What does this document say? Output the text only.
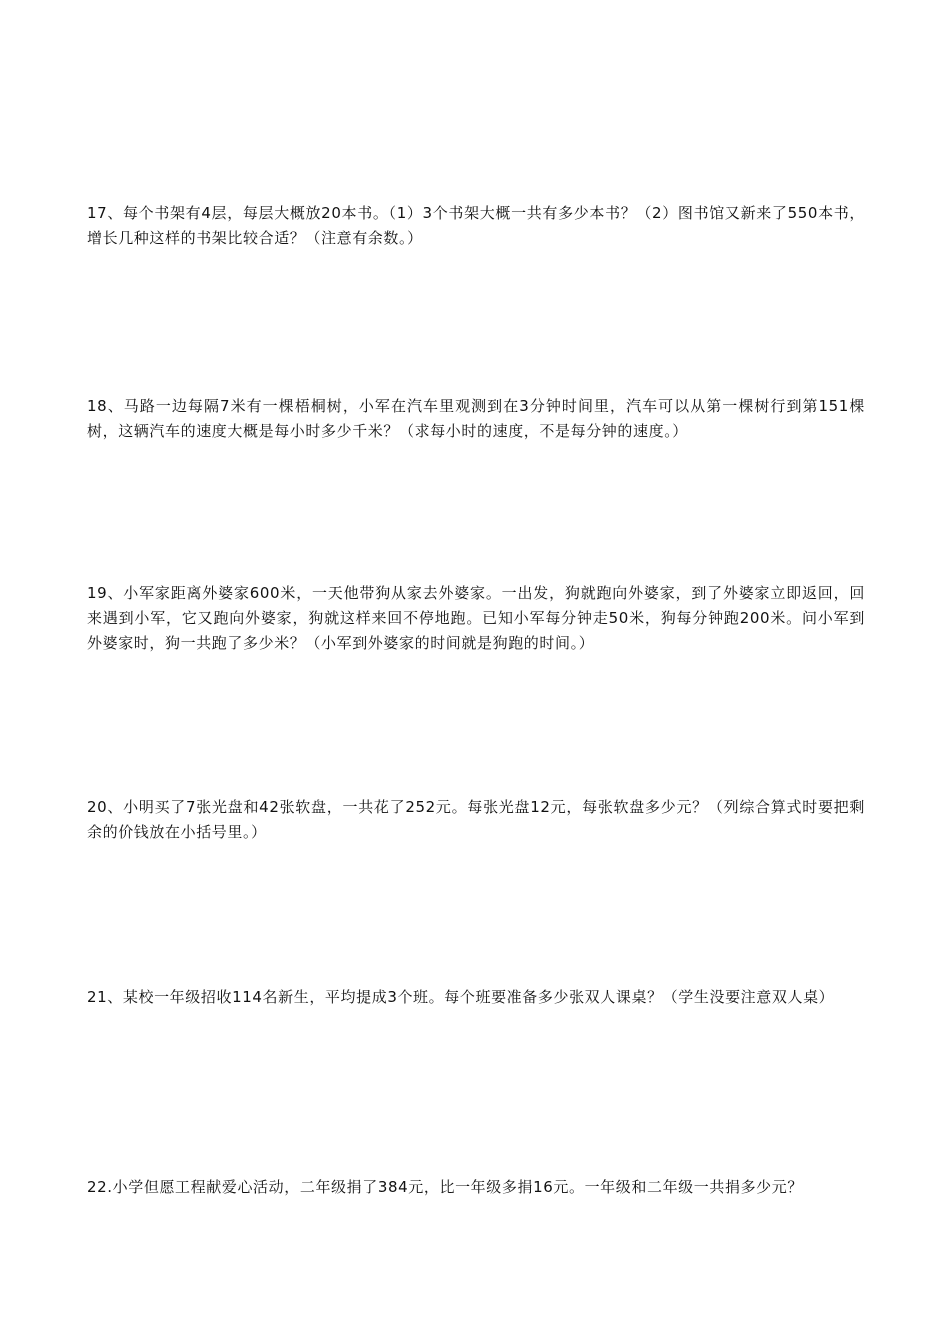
17、每个书架有4层，每层大概放20本书。（1）3个书架大概一共有多少本书？（2）图书馆又新来了550本书，增长几种这样的书架比较合适？（注意有余数。）
18、马路一边每隔7米有一棵梧桐树，小军在汽车里观测到在3分钟时间里，汽车可以从第一棵树行到第151棵树，这辆汽车的速度大概是每小时多少千米？（求每小时的速度，不是每分钟的速度。）
19、小军家距离外婆家600米，一天他带狗从家去外婆家。一出发，狗就跑向外婆家，到了外婆家立即返回，回来遇到小军，它又跑向外婆家，狗就这样来回不停地跑。已知小军每分钟走50米，狗每分钟跑200米。问小军到外婆家时，狗一共跑了多少米？（小军到外婆家的时间就是狗跑的时间。）
20、小明买了7张光盘和42张软盘，一共花了252元。每张光盘12元，每张软盘多少元？（列综合算式时要把剩余的价钱放在小括号里。）
21、某校一年级招收114名新生，平均提成3个班。每个班要准备多少张双人课桌？（学生没要注意双人桌）
22.小学但愿工程献爱心活动，二年级捐了384元，比一年级多捐16元。一年级和二年级一共捐多少元？
